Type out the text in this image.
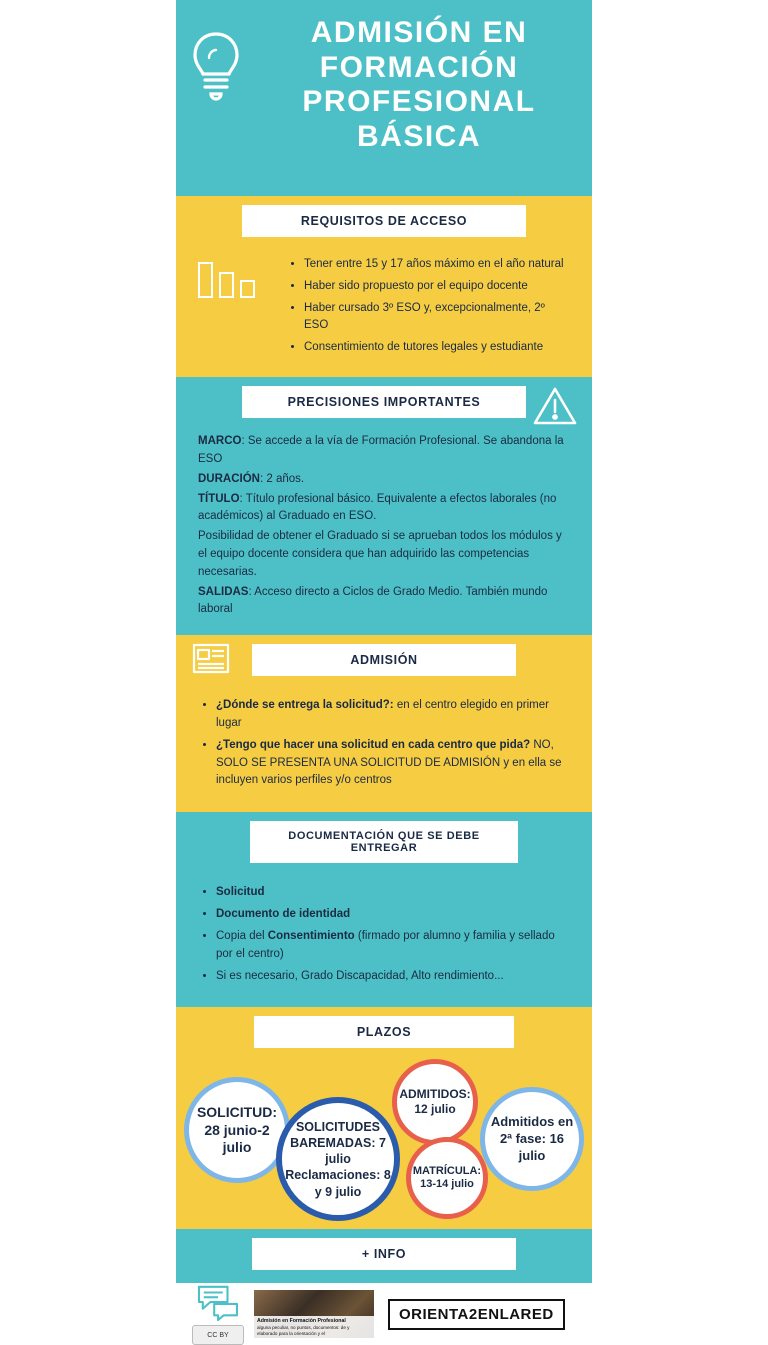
ADMISIÓN EN FORMACIÓN PROFESIONAL BÁSICA
REQUISITOS DE ACCESO
• Tener entre 15 y 17 años máximo en el año natural
• Haber sido propuesto por el equipo docente
• Haber cursado 3º ESO y, excepcionalmente, 2º ESO
• Consentimiento de tutores legales y estudiante
PRECISIONES IMPORTANTES

MARCO: Se accede a la vía de Formación Profesional. Se abandona la ESO

DURACIÓN: 2 años.

TÍTULO: Título profesional básico. Equivalente a efectos laborales (no académicos) al Graduado en ESO.

Posibilidad de obtener el Graduado si se aprueban todos los módulos y el equipo docente considera que han adquirido las competencias necesarias.

SALIDAS: Acceso directo a Ciclos de Grado Medio. También mundo laboral

ADMISIÓN
• ¿Dónde se entrega la solicitud?: en el centro elegido en primer lugar
• ¿Tengo que hacer una solicitud en cada centro que pida? NO, SOLO SE PRESENTA UNA SOLICITUD DE ADMISIÓN y en ella se incluyen varios perfiles y/o centros
DOCUMENTACIÓN QUE SE DEBE ENTREGAR
• Solicitud
• Documento de identidad
• Copia del Consentimiento (firmado por alumno y familia y sellado por el centro)
• Si es necesario, Grado Discapacidad, Alto rendimiento...
PLAZOS
SOLICITUD: 28 junio-2 julio
SOLICITUDES BAREMADAS: 7 julio Reclamaciones: 8 y 9 julio
ADMITIDOS: 12 julio
MATRÍCULA: 13-14 julio
Admitidos en 2ª fase: 16 julio
+ INFO
CC BY
Admisión en Formación Profesional
alguna peculiar, no puntos, documentos: de y elaborado para la orientación y el
ORIENTA2ENLARED
